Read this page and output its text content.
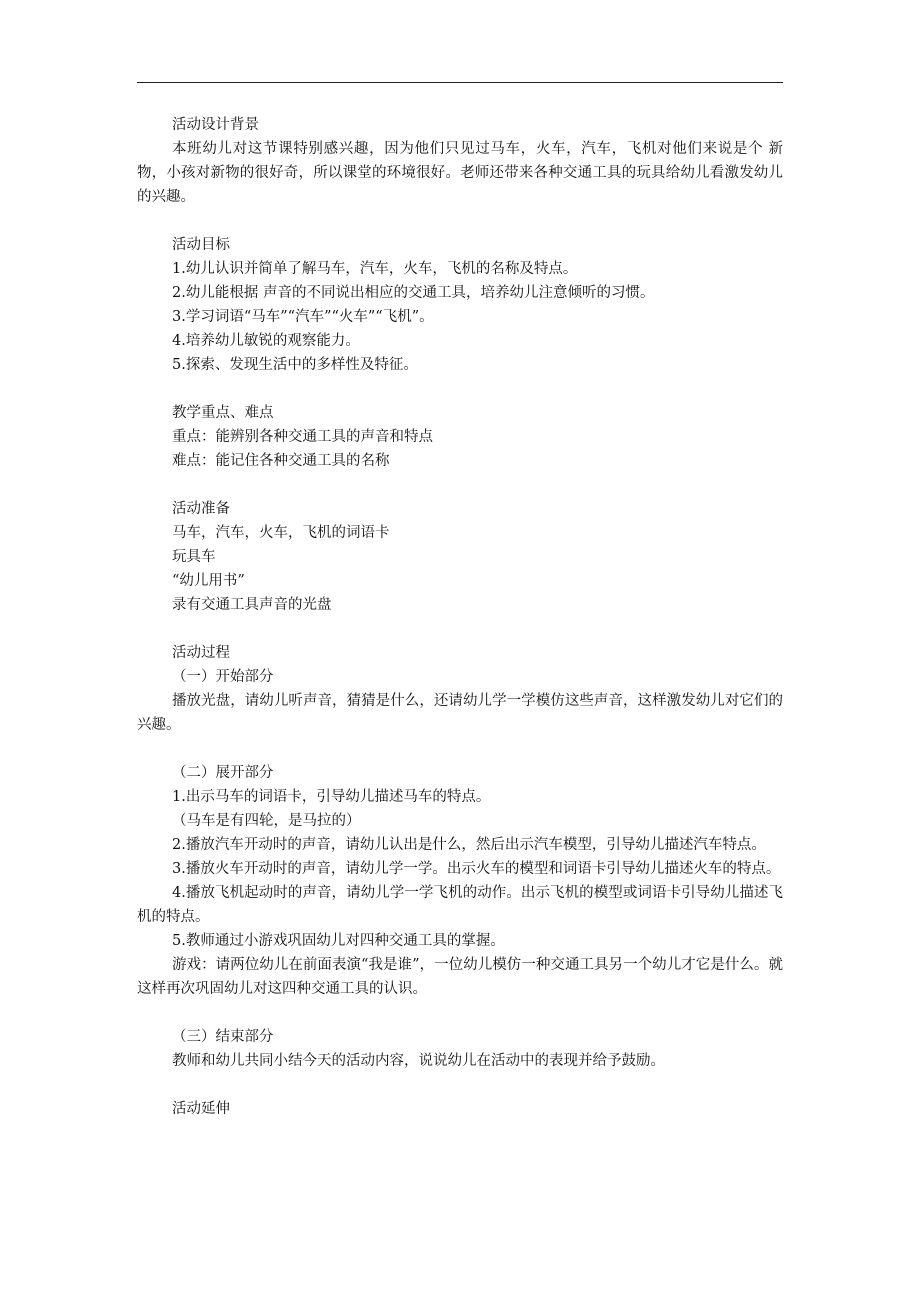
活动设计背景
本班幼儿对这节课特别感兴趣，因为他们只见过马车，火车，汽车，飞机对他们来说是个 新物，小孩对新物的很好奇，所以课堂的环境很好。老师还带来各种交通工具的玩具给幼儿看激发幼儿的兴趣。
活动目标
1.幼儿认识并简单了解马车，汽车，火车，飞机的名称及特点。
2.幼儿能根据 声音的不同说出相应的交通工具，培养幼儿注意倾听的习惯。
3.学习词语“马车”“汽车”“火车”“飞机”。
4.培养幼儿敏锐的观察能力。
5.探索、发现生活中的多样性及特征。
教学重点、难点
重点：能辨别各种交通工具的声音和特点
难点：能记住各种交通工具的名称
活动准备
马车，汽车，火车，飞机的词语卡
玩具车
“幼儿用书”
录有交通工具声音的光盘
活动过程
（一）开始部分
播放光盘，请幼儿听声音，猜猜是什么，还请幼儿学一学模仿这些声音，这样激发幼儿对它们的兴趣。
（二）展开部分
1.出示马车的词语卡，引导幼儿描述马车的特点。
（马车是有四轮，是马拉的）
2.播放汽车开动时的声音，请幼儿认出是什么，然后出示汽车模型，引导幼儿描述汽车特点。
3.播放火车开动时的声音，请幼儿学一学。出示火车的模型和词语卡引导幼儿描述火车的特点。
4.播放飞机起动时的声音，请幼儿学一学飞机的动作。出示飞机的模型或词语卡引导幼儿描述飞机的特点。
5.教师通过小游戏巩固幼儿对四种交通工具的掌握。
游戏：请两位幼儿在前面表演“我是谁”，一位幼儿模仿一种交通工具另一个幼儿才它是什么。就这样再次巩固幼儿对这四种交通工具的认识。
（三）结束部分
教师和幼儿共同小结今天的活动内容，说说幼儿在活动中的表现并给予鼓励。
活动延伸
